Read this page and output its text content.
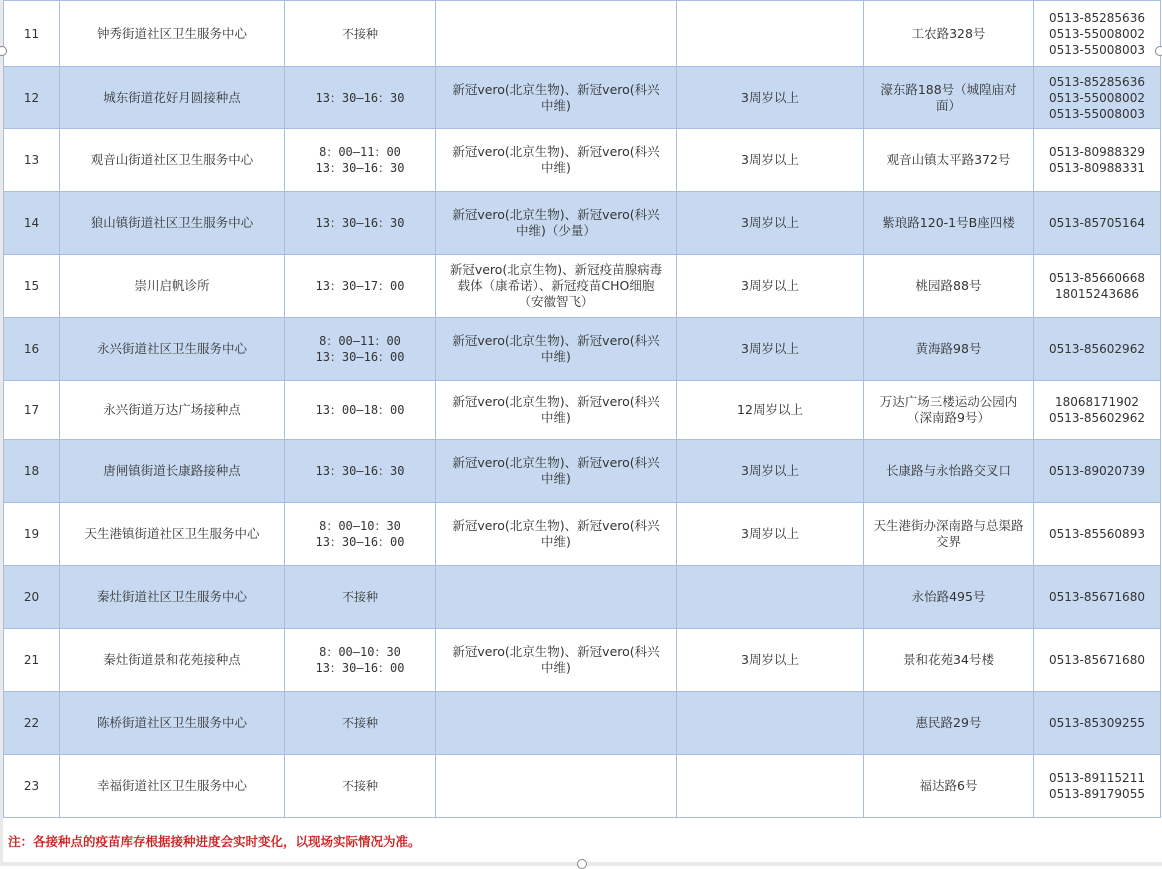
11	钟秀街道社区卫生服务中心	不接种			工农路328号	0513-85285636
0513-55008002
0513-55008003

12	城东街道花好月圆接种点	13：30—16：30	新冠vero(北京生物)、新冠vero(科兴
中维)	3周岁以上	濠东路188号（城隍庙对
面）	0513-85285636
0513-55008002
0513-55008003

13	观音山街道社区卫生服务中心	8：00—11：00
13：30—16：30	新冠vero(北京生物)、新冠vero(科兴
中维)	3周岁以上	观音山镇太平路372号	0513-80988329
0513-80988331

14	狼山镇街道社区卫生服务中心	13：30—16：30	新冠vero(北京生物)、新冠vero(科兴
中维)（少量）	3周岁以上	紫琅路120-1号B座四楼	0513-85705164

15	崇川启帆诊所	13：30—17：00	新冠vero(北京生物)、新冠疫苗腺病毒
载体（康希诺）、新冠疫苗CHO细胞
（安徽智飞）	3周岁以上	桃园路88号	0513-85660668
18015243686

16	永兴街道社区卫生服务中心	8：00—11：00
13：30—16：00	新冠vero(北京生物)、新冠vero(科兴
中维)	3周岁以上	黄海路98号	0513-85602962

17	永兴街道万达广场接种点	13：00—18：00	新冠vero(北京生物)、新冠vero(科兴
中维)	12周岁以上	万达广场三楼运动公园内
（深南路9号）	18068171902
0513-85602962

18	唐闸镇街道长康路接种点	13：30—16：30	新冠vero(北京生物)、新冠vero(科兴
中维)	3周岁以上	长康路与永怡路交叉口	0513-89020739

19	天生港镇街道社区卫生服务中心	8：00—10：30
13：30—16：00	新冠vero(北京生物)、新冠vero(科兴
中维)	3周岁以上	天生港街办深南路与总渠路
交界	0513-85560893

20	秦灶街道社区卫生服务中心	不接种			永怡路495号	0513-85671680

21	秦灶街道景和花苑接种点	8：00—10：30
13：30—16：00	新冠vero(北京生物)、新冠vero(科兴
中维)	3周岁以上	景和花苑34号楼	0513-85671680

22	陈桥街道社区卫生服务中心	不接种			惠民路29号	0513-85309255

23	幸福街道社区卫生服务中心	不接种			福达路6号	0513-89115211
0513-89179055
注：各接种点的疫苗库存根据接种进度会实时变化，以现场实际情况为准。
